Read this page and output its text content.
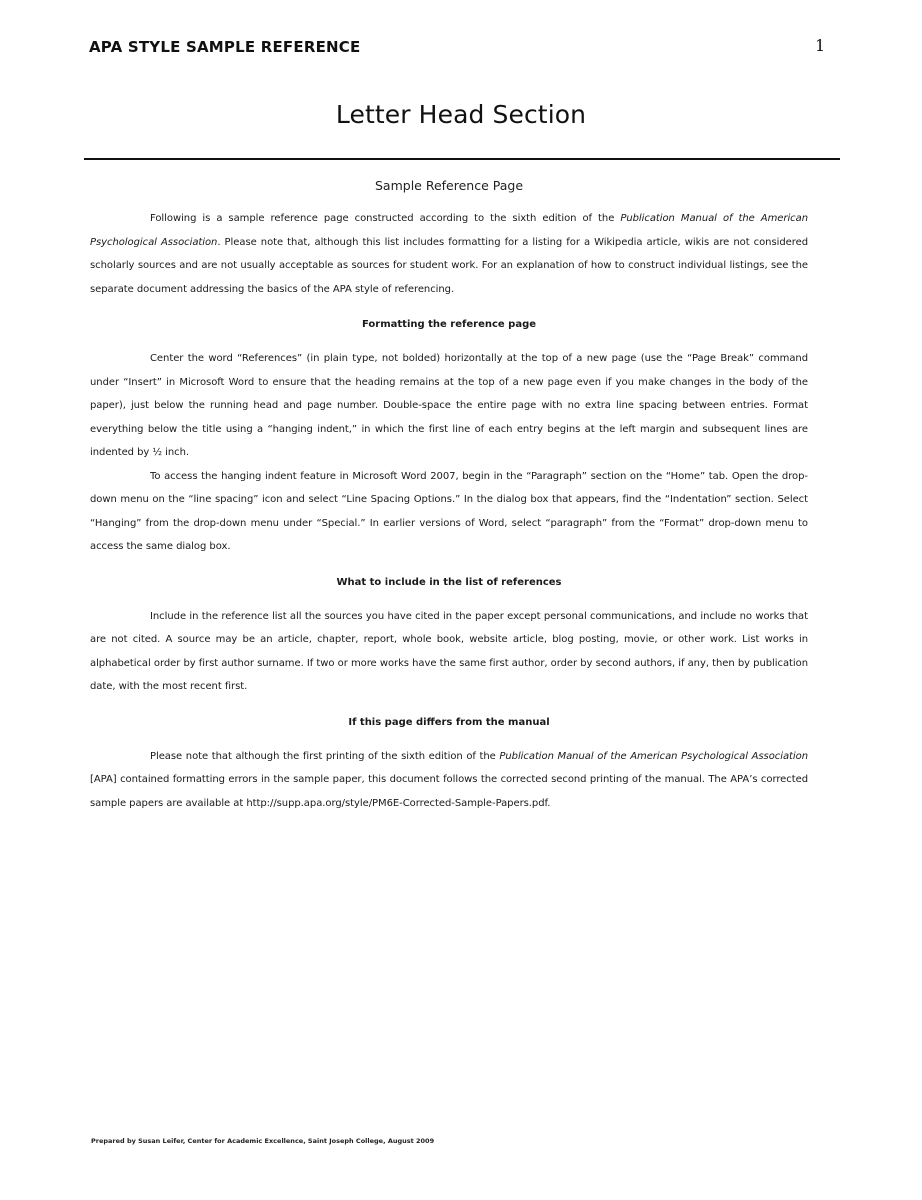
APA STYLE SAMPLE REFERENCE	1
Letter Head Section
Sample Reference Page

Following is a sample reference page constructed according to the sixth edition of the Publication Manual of the American Psychological Association. Please note that, although this list includes formatting for a listing for a Wikipedia article, wikis are not considered scholarly sources and are not usually acceptable as sources for student work. For an explanation of how to construct individual listings, see the separate document addressing the basics of the APA style of referencing.

Formatting the reference page

Center the word “References” (in plain type, not bolded) horizontally at the top of a new page (use the “Page Break” command under “Insert” in Microsoft Word to ensure that the heading remains at the top of a new page even if you make changes in the body of the paper), just below the running head and page number. Double-space the entire page with no extra line spacing between entries. Format everything below the title using a “hanging indent,” in which the first line of each entry begins at the left margin and subsequent lines are indented by ½ inch.

To access the hanging indent feature in Microsoft Word 2007, begin in the “Paragraph” section on the “Home” tab. Open the drop-down menu on the “line spacing” icon and select “Line Spacing Options.” In the dialog box that appears, find the “Indentation” section. Select “Hanging” from the drop-down menu under “Special.” In earlier versions of Word, select “paragraph” from the “Format” drop-down menu to access the same dialog box.

What to include in the list of references

Include in the reference list all the sources you have cited in the paper except personal communications, and include no works that are not cited. A source may be an article, chapter, report, whole book, website article, blog posting, movie, or other work. List works in alphabetical order by first author surname. If two or more works have the same first author, order by second authors, if any, then by publication date, with the most recent first.

If this page differs from the manual

Please note that although the first printing of the sixth edition of the Publication Manual of the American Psychological Association [APA] contained formatting errors in the sample paper, this document follows the corrected second printing of the manual. The APA’s corrected sample papers are available at http://supp.apa.org/style/PM6E-Corrected-Sample-Papers.pdf.

Prepared by Susan Leifer, Center for Academic Excellence, Saint Joseph College, August 2009
